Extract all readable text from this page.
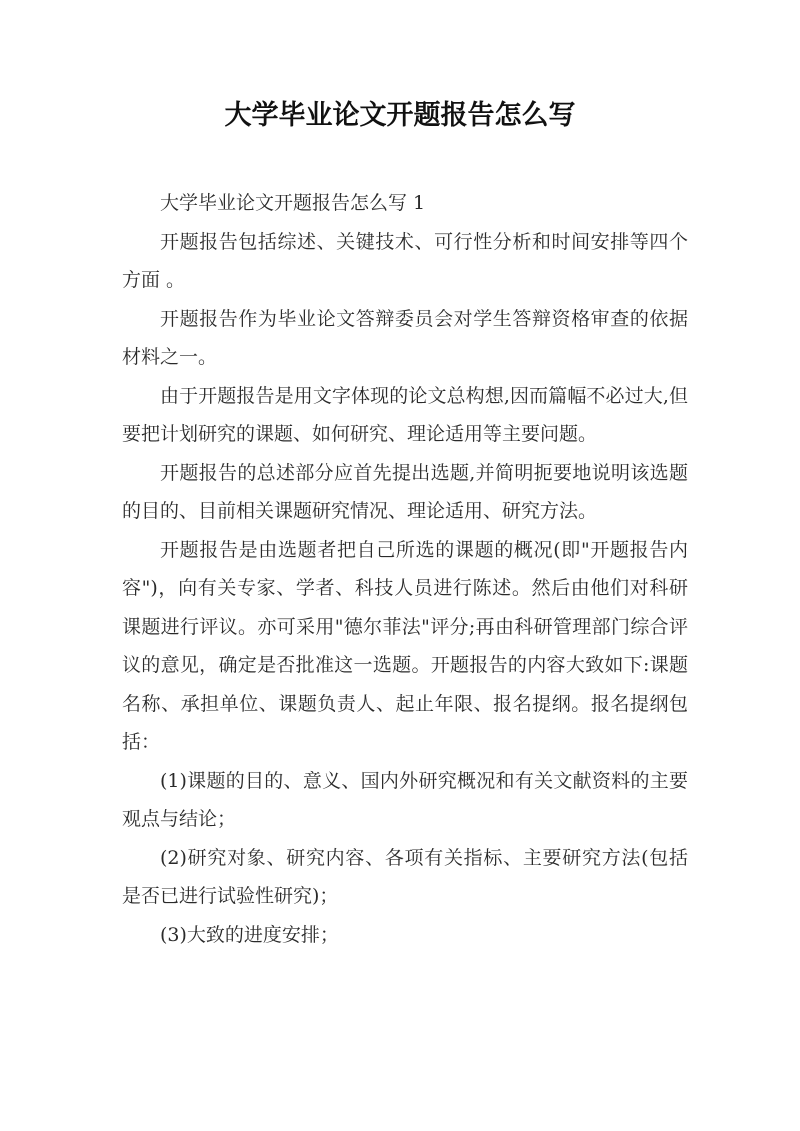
大学毕业论文开题报告怎么写

大学毕业论文开题报告怎么写 1

开题报告包括综述、关键技术、可行性分析和时间安排等四个方面 。

开题报告作为毕业论文答辩委员会对学生答辩资格审查的依据材料之一。

由于开题报告是用文字体现的论文总构想,因而篇幅不必过大,但要把计划研究的课题、如何研究、理论适用等主要问题。

开题报告的总述部分应首先提出选题,并简明扼要地说明该选题的目的、目前相关课题研究情况、理论适用、研究方法。

开题报告是由选题者把自己所选的课题的概况(即"开题报告内容")，向有关专家、学者、科技人员进行陈述。然后由他们对科研课题进行评议。亦可采用"德尔菲法"评分;再由科研管理部门综合评议的意见，确定是否批准这一选题。开题报告的内容大致如下:课题名称、承担单位、课题负责人、起止年限、报名提纲。报名提纲包括：

(1)课题的目的、意义、国内外研究概况和有关文献资料的主要观点与结论；

(2)研究对象、研究内容、各项有关指标、主要研究方法(包括是否已进行试验性研究)；

(3)大致的进度安排；
